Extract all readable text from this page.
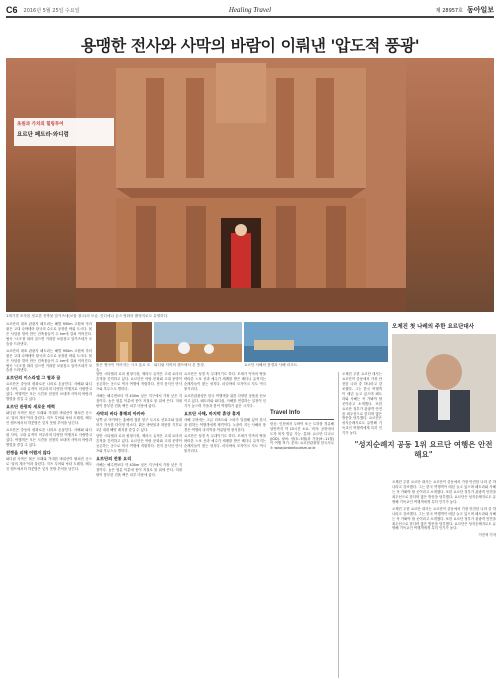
C6 2016년 5월 25일 수요일	Healing Travel	제 28957호 동아일보
용맹한 전사와 사막의 바람이 이뤄낸 '압도적 풍광'
초원과 가치의 힐링투어
요르단 페트라·와디럼
1세기경 조각된 정교한 건축물 알카즈네(보물 창고)의 모습. 인디애나 존스 영화의 촬영지로도 유명하다.

요르단의 대표 관광지 페트라는 해발 950m 고원에 자리 잡은 고대 나바테아 왕국의 수도로 웅장한 바위 도시다. 붉은 사암을 깎아 만든 건축물들이 수 km에 걸쳐 이어진다. 협곡 '시크'를 따라 걸으면 거대한 보물창고 알카즈네가 모습을 드러낸다.

요르단의 대표 관광지 페트라는 해발 950m 고원에 자리 잡은 고대 나바테아 왕국의 수도로 웅장한 바위 도시다. 붉은 사암을 깎아 만든 건축물들이 수 km에 걸쳐 이어진다. 협곡 '시크'를 따라 걸으면 거대한 보물창고 알카즈네가 모습을 드러낸다.

요르단의 이스라엘 그 혈과 꿈

요르단은 중동의 평화로운 나라로 손꼽힌다. 사해와 와디럼 사막, 고대 유적이 어우러져 다양한 여행지로 사랑받고 있다. 여행객은 모든 시간을 천천히 보내며 사막의 바람과 별빛을 즐길 수 있다.

요르단 관광의 새로운 매력

와디럼 사막은 붉은 모래와 거대한 바위산이 펼쳐진 곳으로 '달의 계곡'이라 불린다. 지프 투어와 낙타 트레킹, 베두인 캠프에서의 하룻밤은 잊지 못할 추억을 남긴다.

요르단은 중동의 평화로운 나라로 손꼽힌다. 사해와 와디럼 사막, 고대 유적이 어우러져 다양한 여행지로 사랑받고 있다. 여행객은 모든 시간을 천천히 보내며 사막의 바람과 별빛을 즐길 수 있다.

전쟁을 피해 어렵지 않다

와디럼 사막은 붉은 모래와 거대한 바위산이 펼쳐진 곳으로 '달의 계곡'이라 불린다. 지프 투어와 낙타 트레킹, 베두인 캠프에서의 하룻밤은 잊지 못할 추억을 남긴다.

붉은 협곡이 이어지는 시크 통로 모습.
와디럼 사막의 캠프에서 본 풍경.	요르단 사해의 풍경과 사해 리조트.
오제진 첫 나레의 주한 요르단대사

암만 시타델과 로마 원형극장, 제라시 유적은 고대 로마의 흔적을 간직하고 있다. 요르단은 아랍 문화와 고대 문명이 공존하는 곳으로 역사 여행에 적합하다. 현지 음식인 만사프와 후무스도 별미다.

사해는 해수면보다 약 430m 낮은 지구에서 가장 낮은 지점이다. 높은 염분 덕분에 몸이 저절로 물 위에 뜬다. 미네랄이 풍부한 진흙 팩은 피부 미용에 좋다.

사막의 바다 홍해의 아카바

남쪽 끝 아카바는 홍해에 접한 항구 도시로 산호초와 열대어가 가득한 다이빙 명소다. 맑은 바닷물과 따뜻한 기후로 1년 내내 해양 레저를 즐길 수 있다.

암만 시타델과 로마 원형극장, 제라시 유적은 고대 로마의 흔적을 간직하고 있다. 요르단은 아랍 문화와 고대 문명이 공존하는 곳으로 역사 여행에 적합하다. 현지 음식인 만사프와 후무스도 별미다.

요르단의 전통 요리

사해는 해수면보다 약 430m 낮은 지구에서 가장 낮은 지점이다. 높은 염분 덕분에 몸이 저절로 물 위에 뜬다. 미네랄이 풍부한 진흙 팩은 피부 미용에 좋다.

요르단은 성경 속 무대이기도 하다. 모세가 약속의 땅을 바라본 느보 산과 예수가 세례를 받은 베다니 유적지는 순례자들이 찾는 성지다. 마다바의 모자이크 지도 역시 볼거리다.

요르단관광청은 한국 여행객을 위한 다양한 상품을 선보이고 있다. 페트라와 와디럼, 사해를 연결하는 일정이 인기가 높으며 가을과 봄이 여행하기 좋은 시기다.

요르단 사해, 마지막 휴양 휴게

사해 주변에는 고급 리조트와 스파가 밀집해 있어 휴식을 원하는 여행객에게 제격이다. 노을이 지는 사해의 풍경은 여행의 마지막을 아름답게 장식한다.

요르단은 성경 속 무대이기도 하다. 모세가 약속의 땅을 바라본 느보 산과 예수가 세례를 받은 베다니 유적지는 순례자들이 찾는 성지다. 마다바의 모자이크 지도 역시 볼거리다.

Travel Info

항공: 인천에서 두바이 또는 도하를 경유해 암만까지 약 15시간 소요. 비자: 공항에서 도착 비자 발급 가능. 통화: 요르단 디나르(JOD). 날씨: 봄(3∼5월)과 가을(9∼11월)이 여행 적기. 문의: 요르단관광청 한국사무소 www.jordantourism.or.kr

오제진 주한 요르단 대사는 요르단이 중동에서 가장 안전한 나라 중 하나라고 강조했다. 그는 한국 여행객이 매년 늘고 있으며 페트라와 사해는 꼭 가봐야 할 곳이라고 소개했다. 또한 요르단 정부가 관광객 안전을 최우선으로 한다며 많은 방문을 당부했다. 요르단은 성지순례지로도 유명해 기독교인 여행객에게 특히 인기가 높다.

"성지순례지 공동 1위 요르단 여행은 안전해요"

오제진 주한 요르단 대사는 요르단이 중동에서 가장 안전한 나라 중 하나라고 강조했다. 그는 한국 여행객이 매년 늘고 있으며 페트라와 사해는 꼭 가봐야 할 곳이라고 소개했다. 또한 요르단 정부가 관광객 안전을 최우선으로 한다며 많은 방문을 당부했다. 요르단은 성지순례지로도 유명해 기독교인 여행객에게 특히 인기가 높다.

오제진 주한 요르단 대사는 요르단이 중동에서 가장 안전한 나라 중 하나라고 강조했다. 그는 한국 여행객이 매년 늘고 있으며 페트라와 사해는 꼭 가봐야 할 곳이라고 소개했다. 또한 요르단 정부가 관광객 안전을 최우선으로 한다며 많은 방문을 당부했다. 요르단은 성지순례지로도 유명해 기독교인 여행객에게 특히 인기가 높다.

이진혁 기자
